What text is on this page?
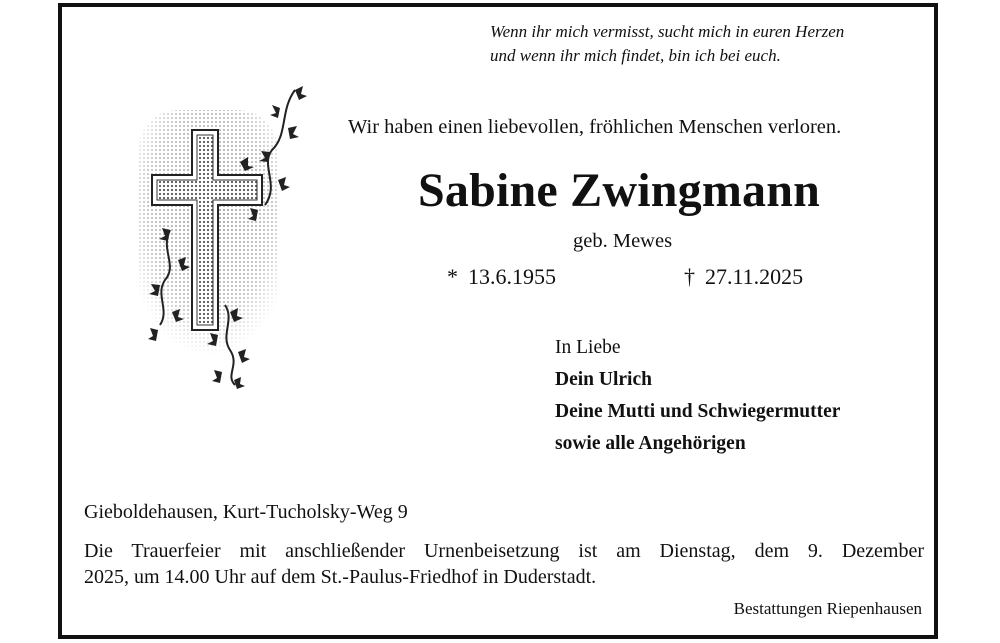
Wenn ihr mich vermisst, sucht mich in euren Herzen
und wenn ihr mich findet, bin ich bei euch.
Wir haben einen liebevollen, fröhlichen Menschen verloren.
Sabine Zwingmann
geb. Mewes
* 13.6.1955	† 27.11.2025
In Liebe
Dein Ulrich
Deine Mutti und Schwiegermutter
sowie alle Angehörigen
Gieboldehausen, Kurt-Tucholsky-Weg 9
Die Trauerfeier mit anschließender Urnenbeisetzung ist am Dienstag, dem 9. Dezember
2025, um 14.00 Uhr auf dem St.-Paulus-Friedhof in Duderstadt.
Bestattungen Riepenhausen
